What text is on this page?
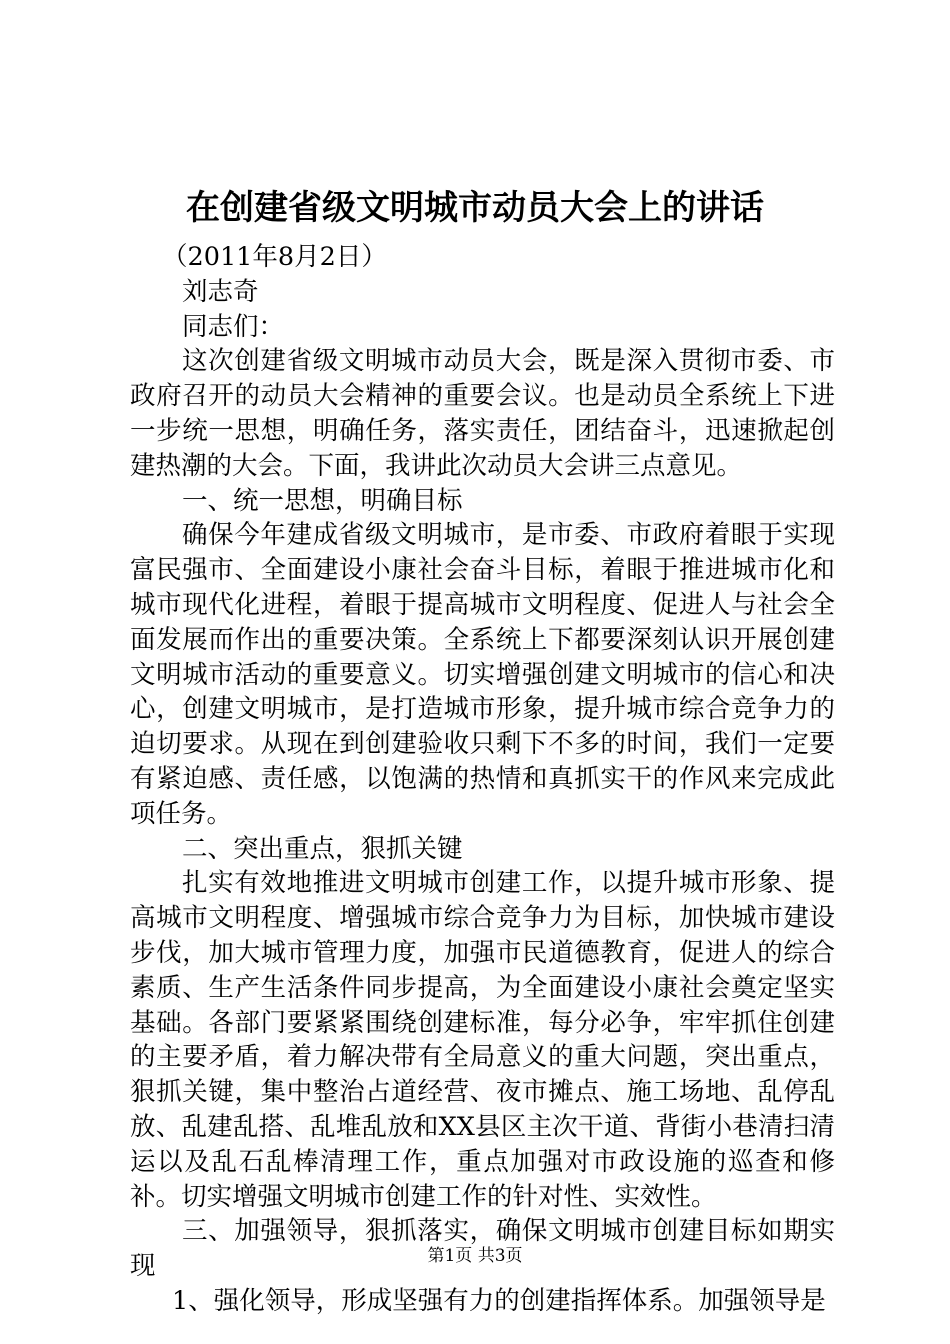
在创建省级文明城市动员大会上的讲话

（2011年8月2日）

刘志奇

同志们：

这次创建省级文明城市动员大会，既是深入贯彻市委、市政府召开的动员大会精神的重要会议。也是动员全系统上下进一步统一思想，明确任务，落实责任，团结奋斗，迅速掀起创建热潮的大会。下面，我讲此次动员大会讲三点意见。

一、统一思想，明确目标

确保今年建成省级文明城市，是市委、市政府着眼于实现富民强市、全面建设小康社会奋斗目标，着眼于推进城市化和城市现代化进程，着眼于提高城市文明程度、促进人与社会全面发展而作出的重要决策。全系统上下都要深刻认识开展创建文明城市活动的重要意义。切实增强创建文明城市的信心和决心，创建文明城市，是打造城市形象，提升城市综合竞争力的迫切要求。从现在到创建验收只剩下不多的时间，我们一定要有紧迫感、责任感，以饱满的热情和真抓实干的作风来完成此项任务。

二、突出重点，狠抓关键

扎实有效地推进文明城市创建工作，以提升城市形象、提高城市文明程度、增强城市综合竞争力为目标，加快城市建设步伐，加大城市管理力度，加强市民道德教育，促进人的综合素质、生产生活条件同步提高，为全面建设小康社会奠定坚实基础。各部门要紧紧围绕创建标准，每分必争，牢牢抓住创建的主要矛盾，着力解决带有全局意义的重大问题，突出重点，狠抓关键，集中整治占道经营、夜市摊点、施工场地、乱停乱放、乱建乱搭、乱堆乱放和XX县区主次干道、背街小巷清扫清运以及乱石乱棒清理工作，重点加强对市政设施的巡查和修补。切实增强文明城市创建工作的针对性、实效性。

三、加强领导，狠抓落实，确保文明城市创建目标如期实现

1、强化领导，形成坚强有力的创建指挥体系。加强领导是

第1页 共3页
